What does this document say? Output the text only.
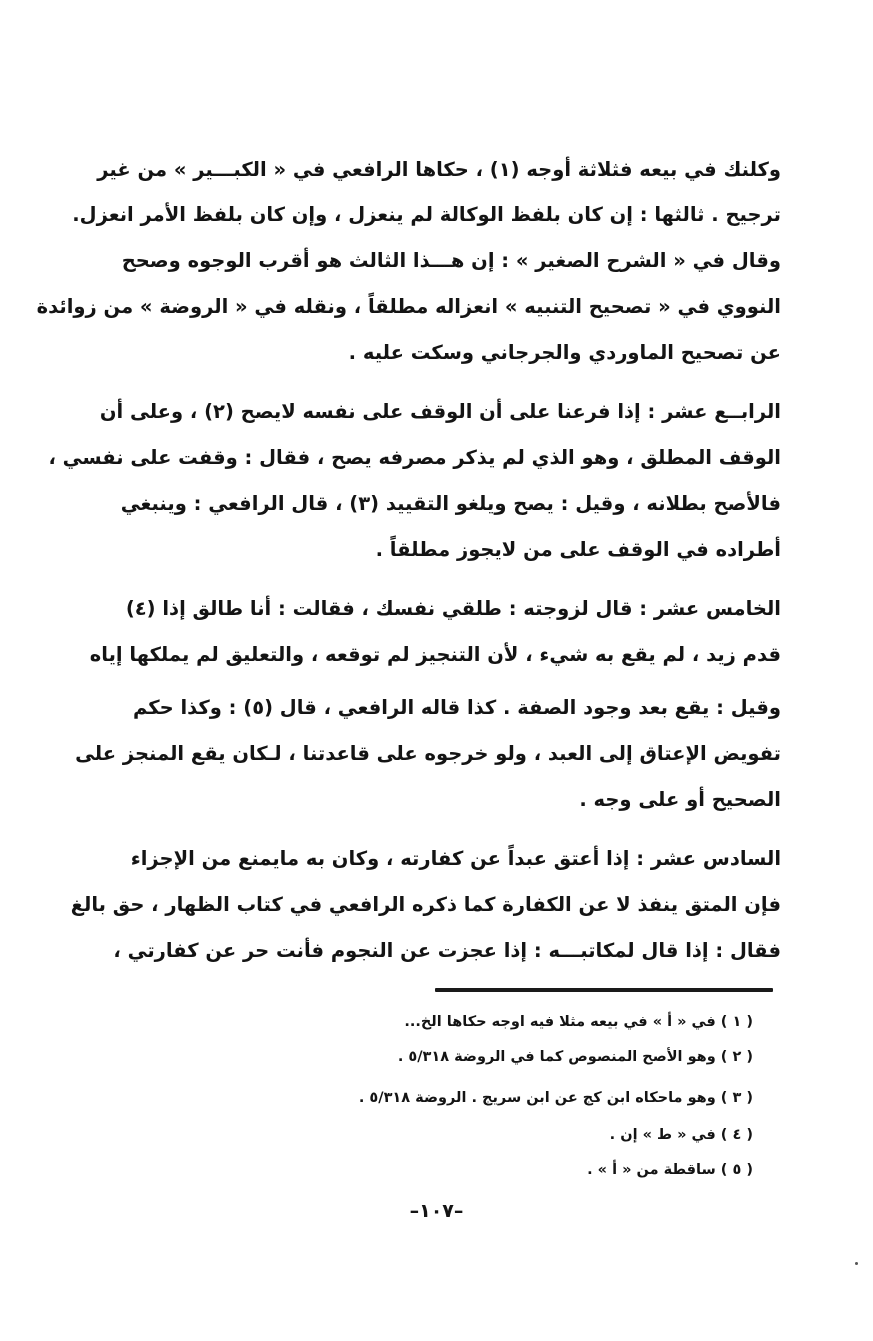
وكلنك في بيعه فثلاثة أوجه (١) ، حكاها الرافعي في « الكبـــير » من غير
ترجيح . ثالثها : إن كان بلفظ الوكالة لم ينعزل ، وإن كان بلفظ الأمر انعزل.
وقال في « الشرح الصغير » : إن هـــذا الثالث هو أقرب الوجوه وصحح
النووي في « تصحيح التنبيه » انعزاله مطلقاً ، ونقله في « الروضة » من زوائدة
عن تصحيح الماوردي والجرجاني وسكت عليه .
الرابــع عشر : إذا فرعنا على أن الوقف على نفسه لايصح (٢) ، وعلى أن
الوقف المطلق ، وهو الذي لم يذكر مصرفه يصح ، فقال : وقفت على نفسي ،
فالأصح بطلانه ، وقيل : يصح ويلغو التقييد (٣) ، قال الرافعي : وينبغي
أطراده في الوقف على من لايجوز مطلقاً .
الخامس عشر : قال لزوجته : طلقي نفسك ، فقالت : أنا طالق إذا (٤)
قدم زيد ، لم يقع به شيء ، لأن التنجيز لم توقعه ، والتعليق لم يملكها إياه
وقيل : يقع بعد وجود الصفة . كذا قاله الرافعي ، قال (٥) : وكذا حكم
تفويض الإعتاق إلى العبد ، ولو خرجوه على قاعدتنا ، لـكان يقع المنجز على
الصحيح أو على وجه .
السادس عشر : إذا أعتق عبداً عن كفارته ، وكان به مايمنع من الإجزاء
فإن المتق ينفذ لا عن الكفارة كما ذكره الرافعي في كتاب الظهار ، حق بالغ
فقال : إذا قال لمكاتبـــه : إذا عجزت عن النجوم فأنت حر عن كفارتي ،
( ١ ) في « أ » في بيعه مثلا فيه اوجه حكاها الخ...
( ٢ ) وهو الأصح المنصوص كما في الروضة ٥/٣١٨ .
( ٣ ) وهو ماحكاه ابن كج عن ابن سريج . الروضة ٥/٣١٨ .
( ٤ ) في « ط » إن .
( ٥ ) ساقطة من « أ » .
–١٠٧–
